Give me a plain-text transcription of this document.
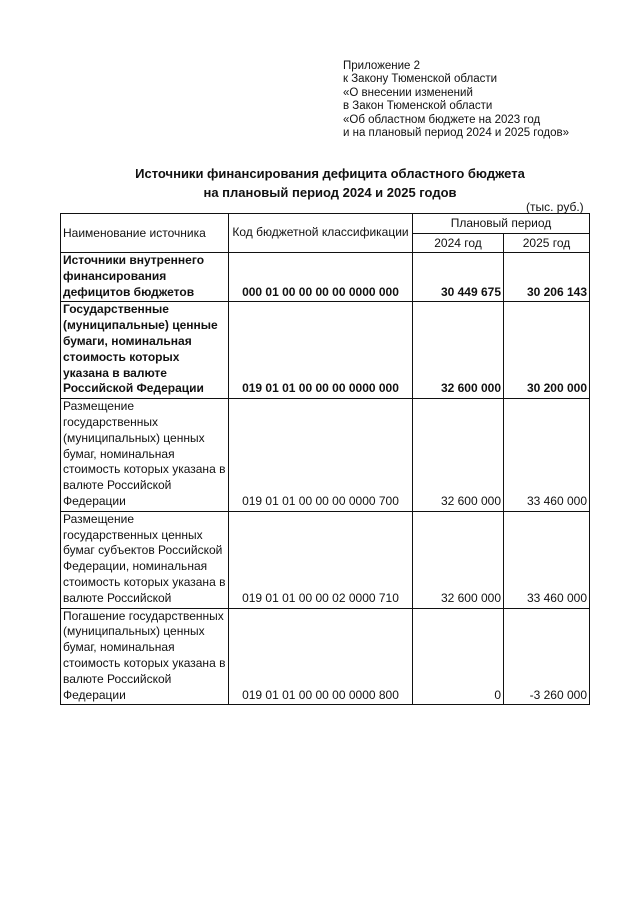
Приложение 2
к Закону Тюменской области
«О внесении изменений
в Закон Тюменской области
«Об областном бюджете на 2023 год
и на плановый период 2024 и 2025 годов»
Источники финансирования дефицита областного бюджета
на плановый период 2024 и 2025 годов
(тыс. руб.)
Наименование источника	Код бюджетной классификации	Плановый период	
		2024 год	2025 год
Источники внутреннего финансирования дефицитов бюджетов	000 01 00 00 00 00 0000 000	30 449 675	30 206 143
Государственные (муниципальные) ценные бумаги, номинальная стоимость которых указана в валюте Российской Федерации	019 01 01 00 00 00 0000 000	32 600 000	30 200 000
Размещение государственных (муниципальных) ценных бумаг, номинальная стоимость которых указана в валюте Российской Федерации	019 01 01 00 00 00 0000 700	32 600 000	33 460 000
Размещение государственных ценных бумаг субъектов Российской Федерации, номинальная стоимость которых указана в валюте Российской	019 01 01 00 00 02 0000 710	32 600 000	33 460 000
Погашение государственных (муниципальных) ценных бумаг, номинальная стоимость которых указана в валюте Российской Федерации	019 01 01 00 00 00 0000 800	0	-3 260 000
